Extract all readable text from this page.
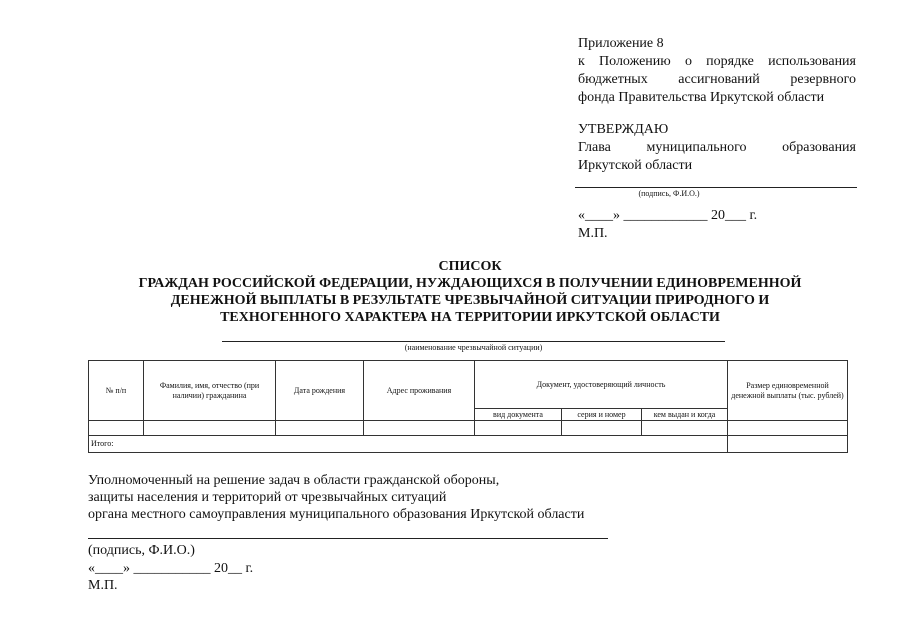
Приложение 8
к Положению о порядке использования
бюджетных ассигнований резервного
фонда Правительства Иркутской области
УТВЕРЖДАЮ
Глава муниципального образования
Иркутской области
(подпись, Ф.И.О.)
«____» ____________ 20___ г.
М.П.
СПИСОК
ГРАЖДАН РОССИЙСКОЙ ФЕДЕРАЦИИ, НУЖДАЮЩИХСЯ В ПОЛУЧЕНИИ ЕДИНОВРЕМЕННОЙ
ДЕНЕЖНОЙ ВЫПЛАТЫ В РЕЗУЛЬТАТЕ ЧРЕЗВЫЧАЙНОЙ СИТУАЦИИ ПРИРОДНОГО И
ТЕХНОГЕННОГО ХАРАКТЕРА НА ТЕРРИТОРИИ ИРКУТСКОЙ ОБЛАСТИ
(наименование чрезвычайной ситуации)
№ п/п	Фамилия, имя, отчество (при наличии) гражданина	Дата рождения	Адрес проживания	Документ, удостоверяющий личность			Размер единовременной денежной выплаты (тыс. рублей)
				вид документа	серия и номер	кем выдан и когда	

Итого:							
Уполномоченный на решение задач в области гражданской обороны,
защиты населения и территорий от чрезвычайных ситуаций
органа местного самоуправления муниципального образования Иркутской области
(подпись, Ф.И.О.)
«____» ___________ 20__ г.
М.П.
